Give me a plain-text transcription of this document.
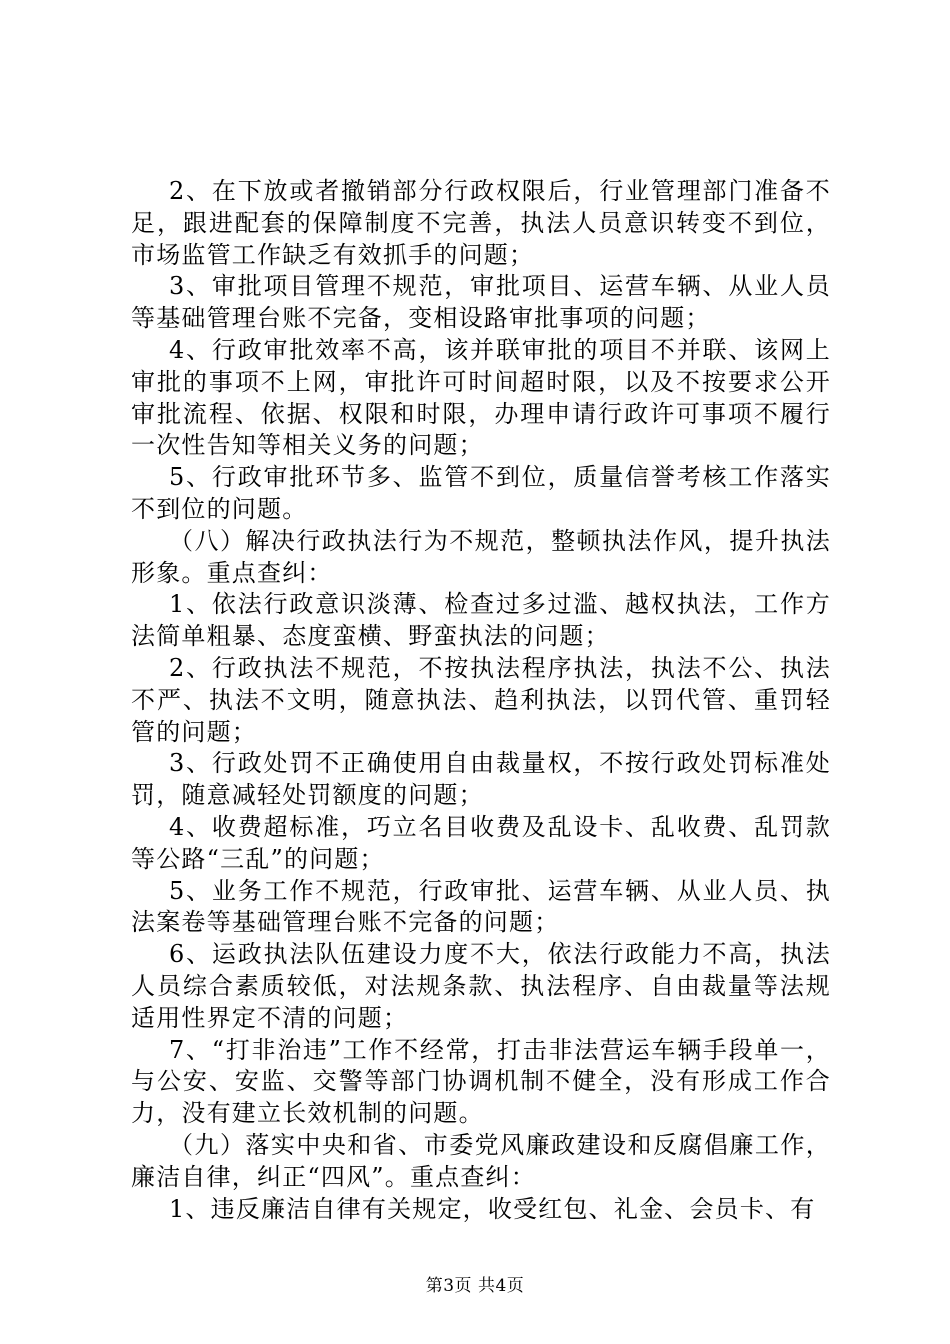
2、在下放或者撤销部分行政权限后，行业管理部门准备不足，跟进配套的保障制度不完善，执法人员意识转变不到位，市场监管工作缺乏有效抓手的问题；

3、审批项目管理不规范，审批项目、运营车辆、从业人员等基础管理台账不完备，变相设路审批事项的问题；

4、行政审批效率不高，该并联审批的项目不并联、该网上审批的事项不上网，审批许可时间超时限，以及不按要求公开审批流程、依据、权限和时限，办理申请行政许可事项不履行一次性告知等相关义务的问题；

5、行政审批环节多、监管不到位，质量信誉考核工作落实不到位的问题。

（八）解决行政执法行为不规范，整顿执法作风，提升执法形象。重点查纠：

1、依法行政意识淡薄、检查过多过滥、越权执法，工作方法简单粗暴、态度蛮横、野蛮执法的问题；

2、行政执法不规范，不按执法程序执法，执法不公、执法不严、执法不文明，随意执法、趋利执法，以罚代管、重罚轻管的问题；

3、行政处罚不正确使用自由裁量权，不按行政处罚标准处罚，随意减轻处罚额度的问题；

4、收费超标准，巧立名目收费及乱设卡、乱收费、乱罚款等公路“三乱”的问题；

5、业务工作不规范，行政审批、运营车辆、从业人员、执法案卷等基础管理台账不完备的问题；

6、运政执法队伍建设力度不大，依法行政能力不高，执法人员综合素质较低，对法规条款、执法程序、自由裁量等法规适用性界定不清的问题；

7、“打非治违”工作不经常，打击非法营运车辆手段单一，与公安、安监、交警等部门协调机制不健全，没有形成工作合力，没有建立长效机制的问题。

（九）落实中央和省、市委党风廉政建设和反腐倡廉工作，廉洁自律，纠正“四风”。重点查纠：

1、违反廉洁自律有关规定，收受红包、礼金、会员卡、有

第3页 共4页
